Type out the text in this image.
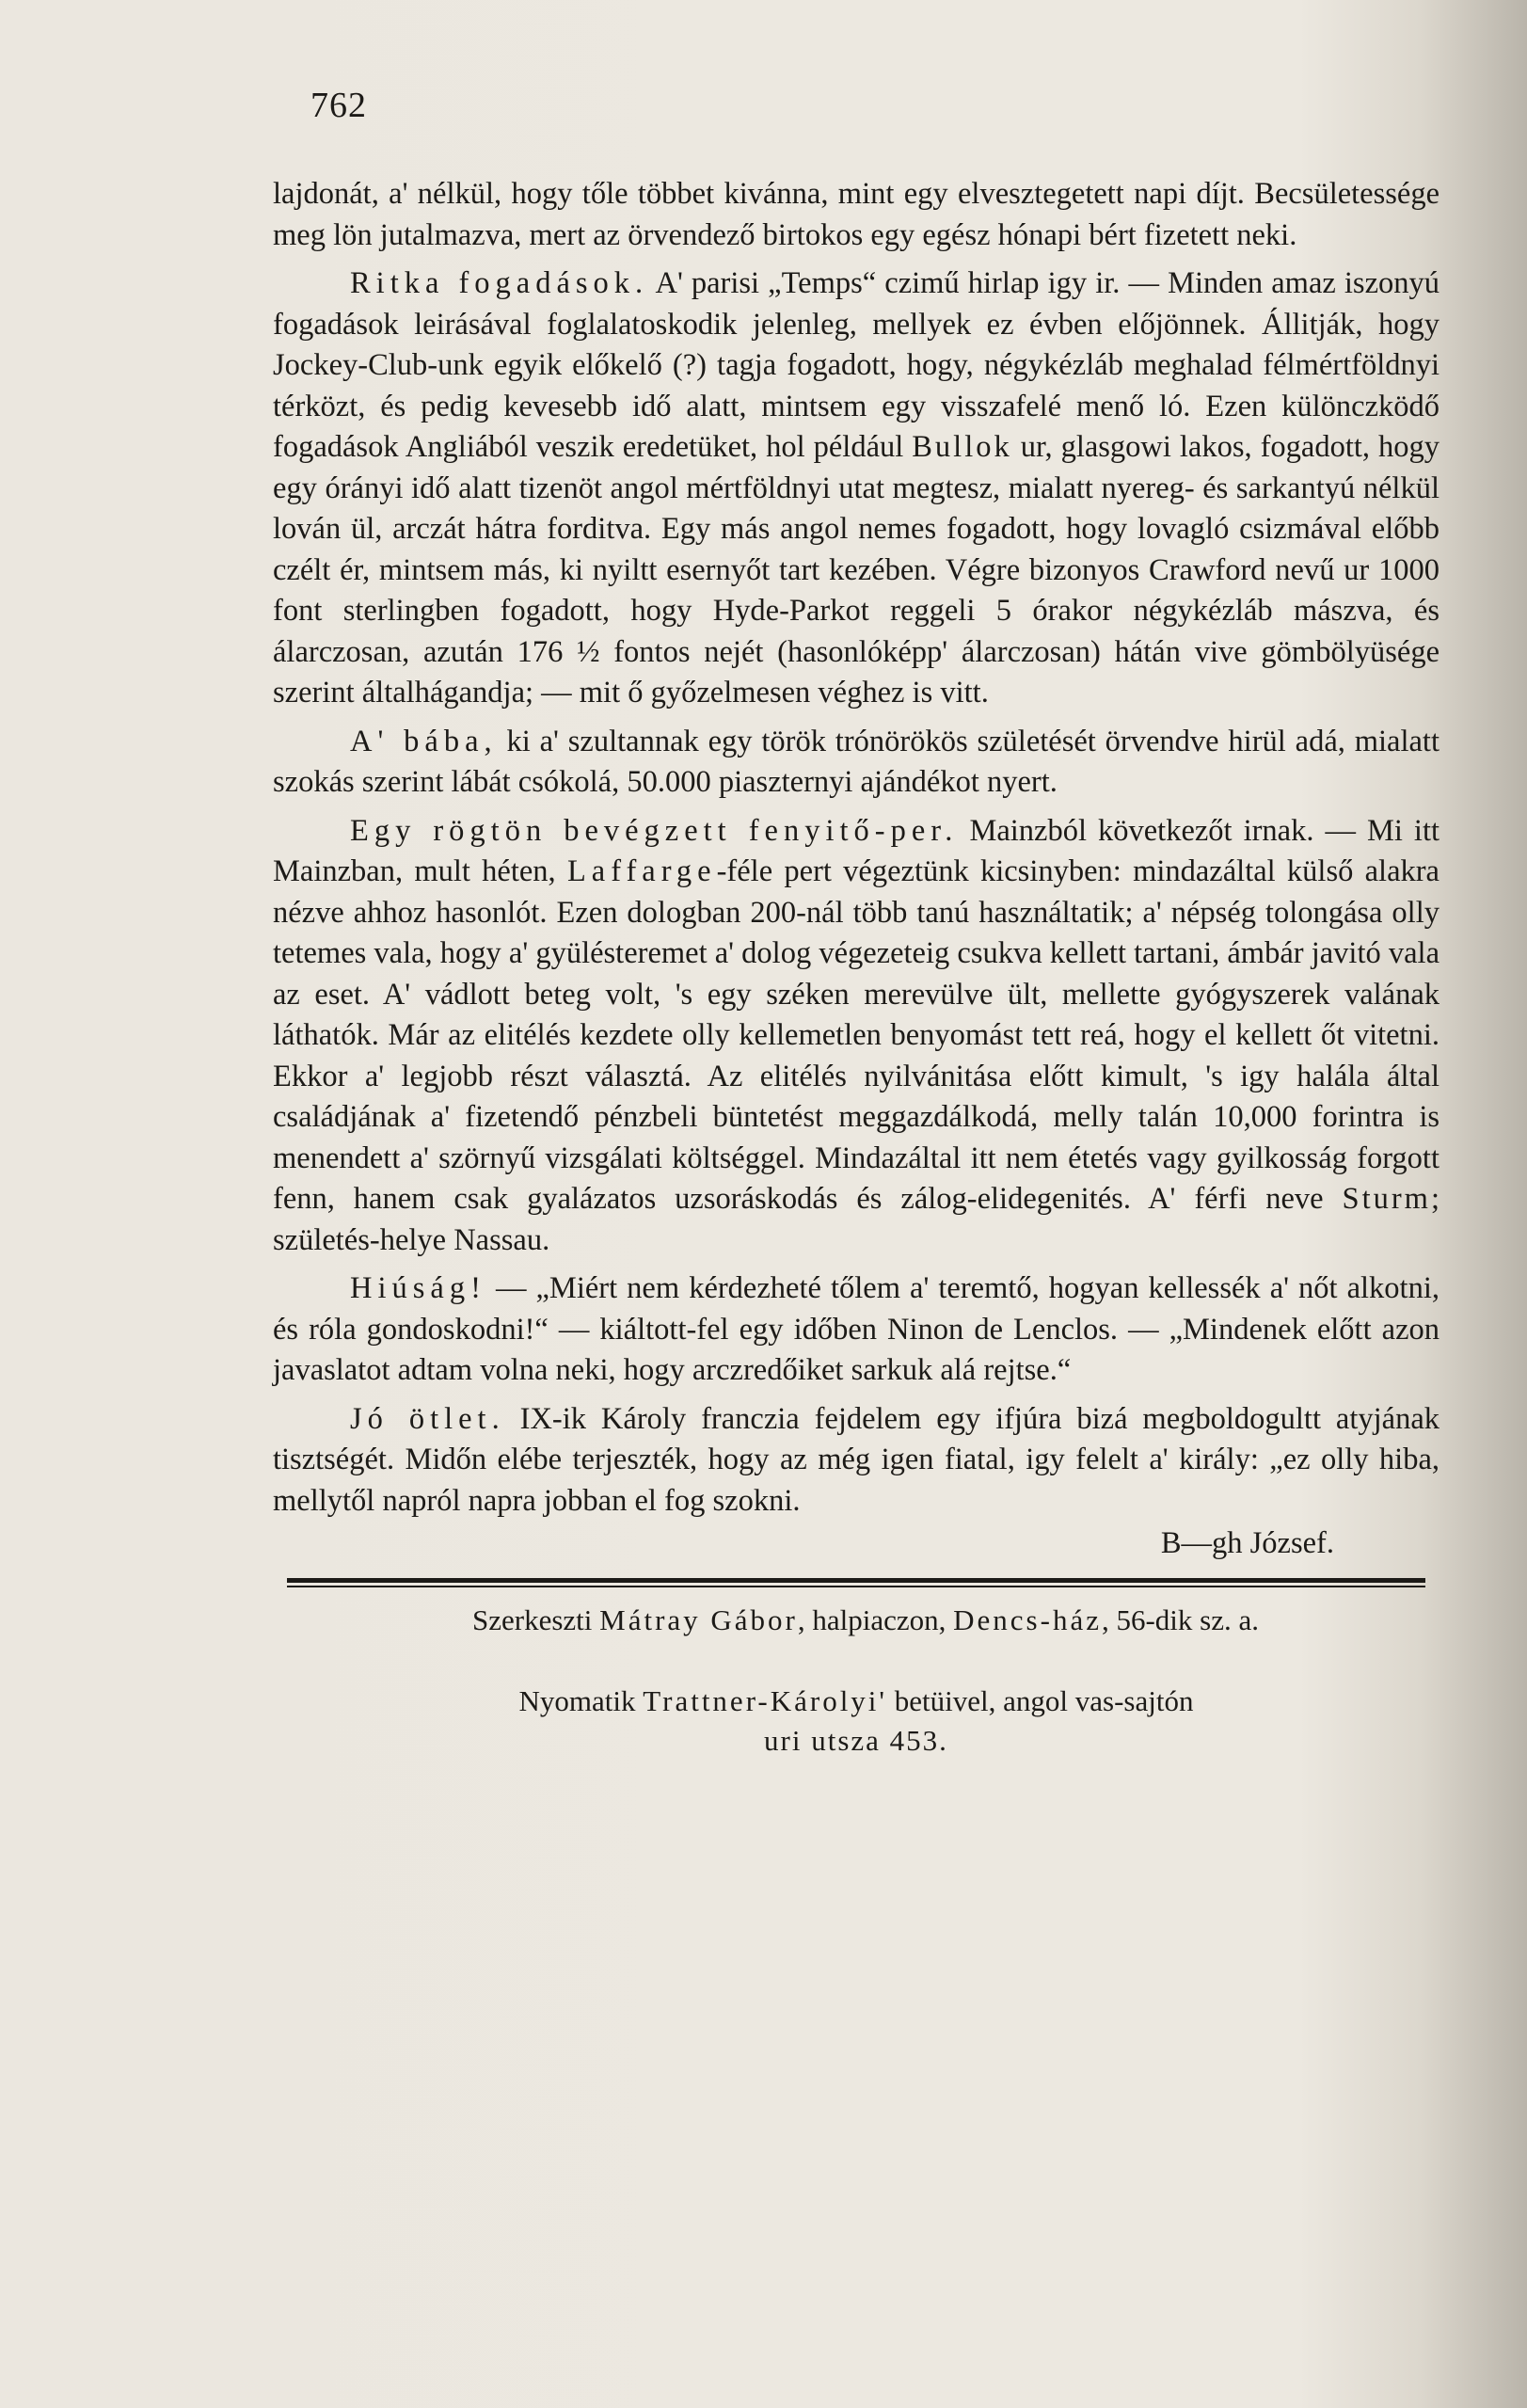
762

lajdonát, a' nélkül, hogy tőle többet kivánna, mint egy elvesztegetett napi díjt. Becsületessége meg lön jutalmazva, mert az örvendező birtokos egy egész hónapi bért fizetett neki.

Ritka fogadások. A' parisi „Temps“ czimű hirlap igy ir. — Minden amaz iszonyú fogadások leirásával foglalatoskodik jelenleg, mellyek ez évben előjönnek. Állitják, hogy Jockey-Club-unk egyik előkelő (?) tagja fogadott, hogy, négykézláb meghalad félmértföldnyi térközt, és pedig kevesebb idő alatt, mintsem egy visszafelé menő ló. Ezen különczködő fogadások Angliából veszik eredetüket, hol például Bullok ur, glasgowi lakos, fogadott, hogy egy órányi idő alatt tizenöt angol mértföldnyi utat megtesz, mialatt nyereg- és sarkantyú nélkül lován ül, arczát hátra forditva. Egy más angol nemes fogadott, hogy lovagló csizmával előbb czélt ér, mintsem más, ki nyiltt esernyőt tart kezében. Végre bizonyos Crawford nevű ur 1000 font sterlingben fogadott, hogy Hyde-Parkot reggeli 5 órakor négykézláb mászva, és álarczosan, azután 176 ½ fontos nejét (hasonlóképp' álarczosan) hátán vive gömbölyüsége szerint általhágandja; — mit ő győzelmesen véghez is vitt.

A' bába, ki a' szultannak egy török trónörökös születését örvendve hirül adá, mialatt szokás szerint lábát csókolá, 50.000 piaszternyi ajándékot nyert.

Egy rögtön bevégzett fenyitő-per. Mainzból következőt irnak. — Mi itt Mainzban, mult héten, Laffarge-féle pert végeztünk kicsinyben: mindazáltal külső alakra nézve ahhoz hasonlót. Ezen dologban 200-nál több tanú használtatik; a' népség tolongása olly tetemes vala, hogy a' gyülésteremet a' dolog végezeteig csukva kellett tartani, ámbár javitó vala az eset. A' vádlott beteg volt, 's egy széken merevülve ült, mellette gyógyszerek valának láthatók. Már az elitélés kezdete olly kellemetlen benyomást tett reá, hogy el kellett őt vitetni. Ekkor a' legjobb részt választá. Az elitélés nyilvánitása előtt kimult, 's igy halála által családjának a' fizetendő pénzbeli büntetést meggazdálkodá, melly talán 10,000 forintra is menendett a' szörnyű vizsgálati költséggel. Mindazáltal itt nem étetés vagy gyilkosság forgott fenn, hanem csak gyalázatos uzsoráskodás és zálog-elidegenités. A' férfi neve Sturm; születés-helye Nassau.

Hiúság! — „Miért nem kérdezheté tőlem a' teremtő, hogyan kellessék a' nőt alkotni, és róla gondoskodni!“ — kiáltott-fel egy időben Ninon de Lenclos. — „Mindenek előtt azon javaslatot adtam volna neki, hogy arczredőiket sarkuk alá rejtse.“

Jó ötlet. IX-ik Károly franczia fejdelem egy ifjúra bizá megboldogultt atyjának tisztségét. Midőn elébe terjeszték, hogy az még igen fiatal, igy felelt a' király: „ez olly hiba, mellytől napról napra jobban el fog szokni.

B—gh József.
Szerkeszti Mátray Gábor, halpiaczon, Dencs-ház, 56-dik sz. a.
Nyomatik Trattner-Károlyi' betüivel, angol vas-sajtón
uri utsza 453.
